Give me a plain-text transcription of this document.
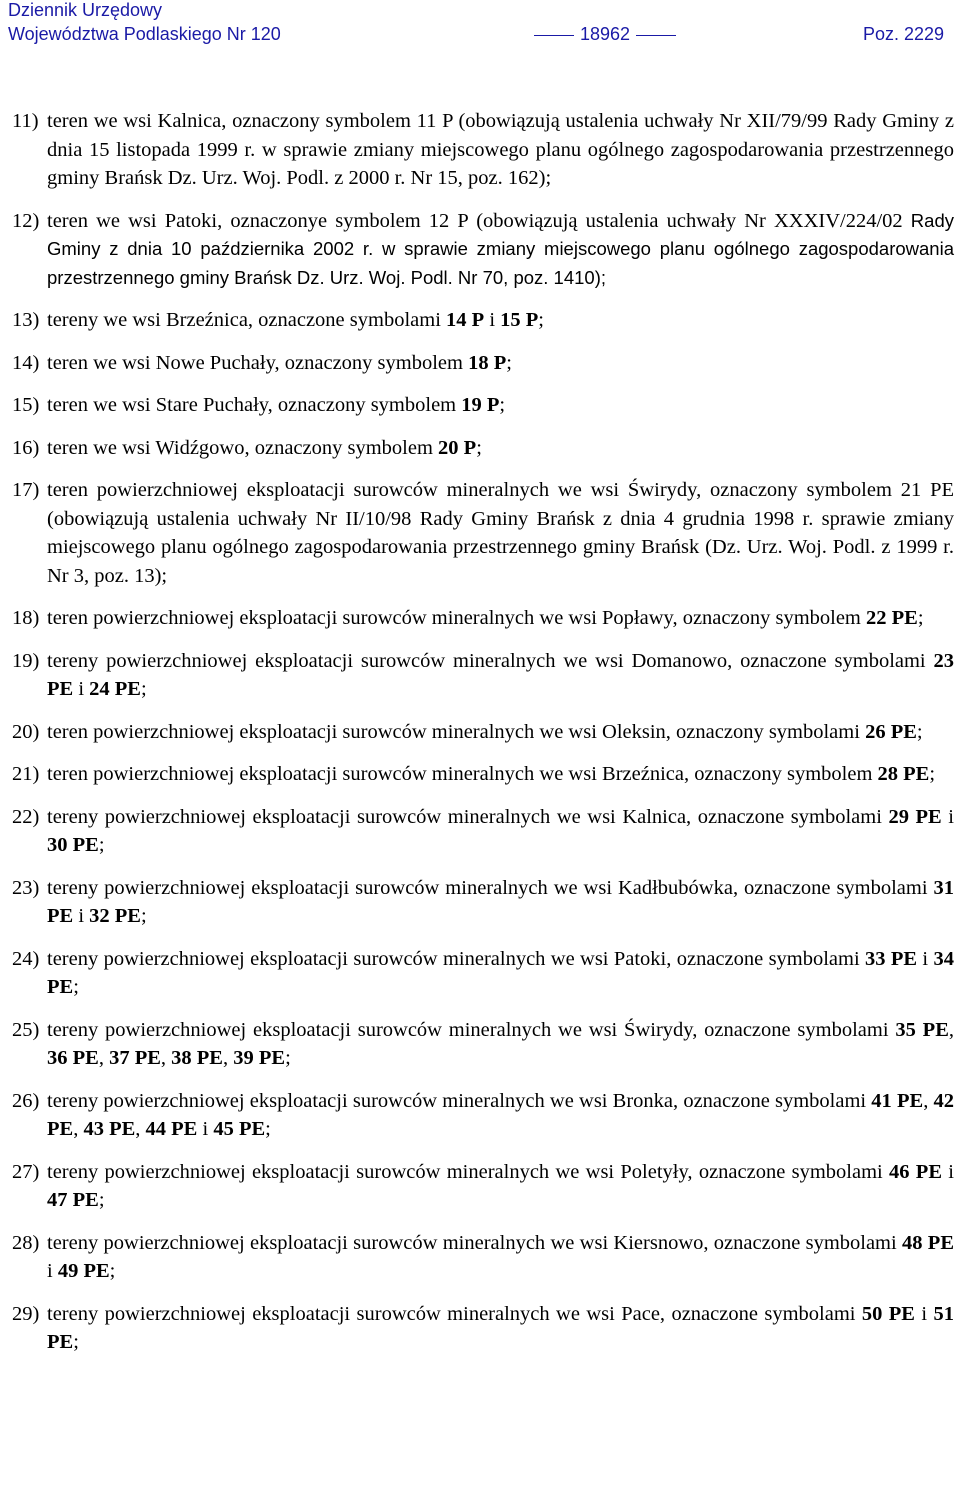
Dziennik Urzędowy
Województwa Podlaskiego Nr 120	18962	Poz. 2229
11) teren we wsi Kalnica, oznaczony symbolem 11 P (obowiązują ustalenia uchwały Nr XII/79/99 Rady Gminy z dnia 15 listopada 1999 r. w sprawie zmiany miejscowego planu ogólnego zagospodarowania przestrzennego gminy Brańsk Dz. Urz. Woj. Podl. z 2000 r. Nr 15, poz. 162);
12) teren we wsi Patoki, oznaczonye symbolem 12 P (obowiązują ustalenia uchwały Nr XXXIV/224/02 Rady Gminy z dnia 10 października 2002 r. w sprawie zmiany miejscowego planu ogólnego zagospodarowania przestrzennego gminy Brańsk Dz. Urz. Woj. Podl. Nr 70, poz. 1410);
13) tereny we wsi Brzeźnica, oznaczone symbolami 14 P i 15 P;
14) teren we wsi Nowe Puchały, oznaczony symbolem 18 P;
15) teren we wsi Stare Puchały, oznaczony symbolem 19 P;
16) teren we wsi Widźgowo, oznaczony symbolem 20 P;
17) teren powierzchniowej eksploatacji surowców mineralnych we wsi Świrydy, oznaczony symbolem 21 PE (obowiązują ustalenia uchwały Nr II/10/98 Rady Gminy Brańsk z dnia 4 grudnia 1998 r. sprawie zmiany miejscowego planu ogólnego zagospodarowania przestrzennego gminy Brańsk (Dz. Urz. Woj. Podl. z 1999 r. Nr 3, poz. 13);
18) teren powierzchniowej eksploatacji surowców mineralnych we wsi Popławy, oznaczony symbolem 22 PE;
19) tereny powierzchniowej eksploatacji surowców mineralnych we wsi Domanowo, oznaczone symbolami 23 PE i 24 PE;
20) teren powierzchniowej eksploatacji surowców mineralnych we wsi Oleksin, oznaczony symbolami 26 PE;
21) teren powierzchniowej eksploatacji surowców mineralnych we wsi Brzeźnica, oznaczony symbolem 28 PE;
22) tereny powierzchniowej eksploatacji surowców mineralnych we wsi Kalnica, oznaczone symbolami 29 PE i 30 PE;
23) tereny powierzchniowej eksploatacji surowców mineralnych we wsi Kadłbubówka, oznaczone symbolami 31 PE i 32 PE;
24) tereny powierzchniowej eksploatacji surowców mineralnych we wsi Patoki, oznaczone symbolami 33 PE i 34 PE;
25) tereny powierzchniowej eksploatacji surowców mineralnych we wsi Świrydy, oznaczone symbolami 35 PE, 36 PE, 37 PE, 38 PE, 39 PE;
26) tereny powierzchniowej eksploatacji surowców mineralnych we wsi Bronka, oznaczone symbolami 41 PE, 42 PE, 43 PE, 44 PE i 45 PE;
27) tereny powierzchniowej eksploatacji surowców mineralnych we wsi Poletyły, oznaczone symbolami 46 PE i 47 PE;
28) tereny powierzchniowej eksploatacji surowców mineralnych we wsi Kiersnowo, oznaczone symbolami 48 PE i 49 PE;
29) tereny powierzchniowej eksploatacji surowców mineralnych we wsi Pace, oznaczone symbolami 50 PE i 51 PE;
